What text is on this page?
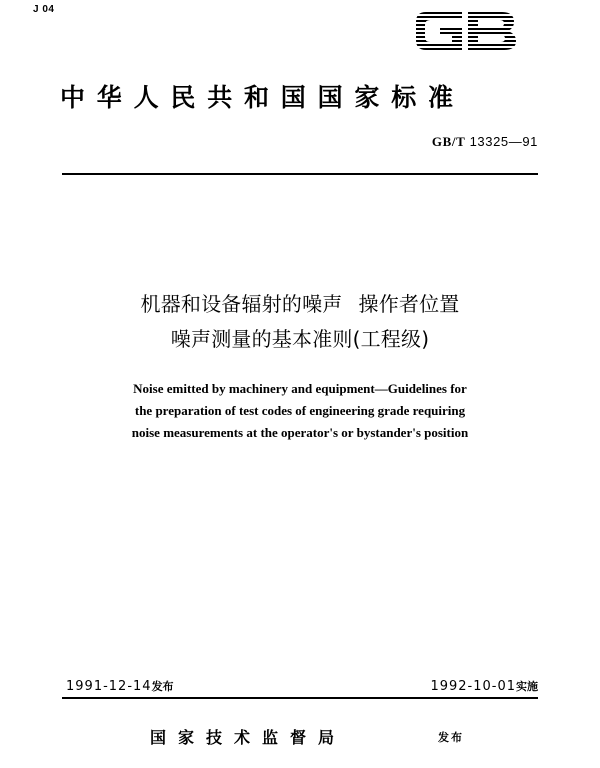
J 04
中华人民共和国国家标准
GB/T 13325—91
机器和设备辐射的噪声 操作者位置
噪声测量的基本准则(工程级)
Noise emitted by machinery and equipment—Guidelines for
the preparation of test codes of engineering grade requiring
noise measurements at the operator's or bystander's position
1991-12-14发布	1992-10-01实施
国家技术监督局	发布
